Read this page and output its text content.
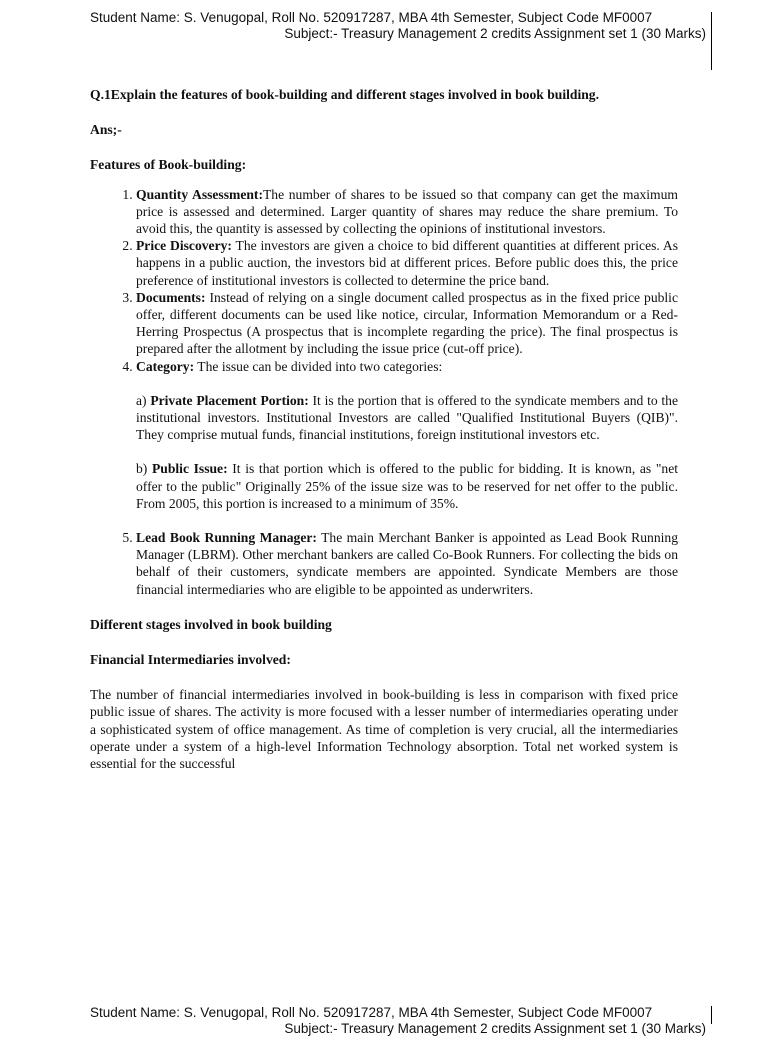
Student Name: S. Venugopal, Roll No. 520917287, MBA 4th Semester, Subject Code MF0007
Subject:- Treasury Management 2 credits Assignment set 1 (30 Marks)

Q.1Explain the features of book-building and different stages involved in book building.

Ans;-

Features of Book-building:

1. Quantity Assessment:The number of shares to be issued so that company can get the maximum price is assessed and determined. Larger quantity of shares may reduce the share premium. To avoid this, the quantity is assessed by collecting the opinions of institutional investors.
2. Price Discovery: The investors are given a choice to bid different quantities at different prices. As happens in a public auction, the investors bid at different prices. Before public does this, the price preference of institutional investors is collected to determine the price band.
3. Documents: Instead of relying on a single document called prospectus as in the fixed price public offer, different documents can be used like notice, circular, Information Memorandum or a Red-Herring Prospectus (A prospectus that is incomplete regarding the price). The final prospectus is prepared after the allotment by including the issue price (cut-off price).
4. Category: The issue can be divided into two categories:

a) Private Placement Portion: It is the portion that is offered to the syndicate members and to the institutional investors. Institutional Investors are called "Qualified Institutional Buyers (QIB)". They comprise mutual funds, financial institutions, foreign institutional investors etc.

b) Public Issue: It is that portion which is offered to the public for bidding. It is known, as "net offer to the public" Originally 25% of the issue size was to be reserved for net offer to the public. From 2005, this portion is increased to a minimum of 35%.

5. Lead Book Running Manager: The main Merchant Banker is appointed as Lead Book Running Manager (LBRM). Other merchant bankers are called Co-Book Runners. For collecting the bids on behalf of their customers, syndicate members are appointed. Syndicate Members are those financial intermediaries who are eligible to be appointed as underwriters.

Different stages involved in book building

Financial Intermediaries involved:

The number of financial intermediaries involved in book-building is less in comparison with fixed price public issue of shares. The activity is more focused with a lesser number of intermediaries operating under a sophisticated system of office management. As time of completion is very crucial, all the intermediaries operate under a system of a high-level Information Technology absorption. Total net worked system is essential for the successful

Student Name: S. Venugopal, Roll No. 520917287, MBA 4th Semester, Subject Code MF0007
Subject:- Treasury Management 2 credits Assignment set 1 (30 Marks)
